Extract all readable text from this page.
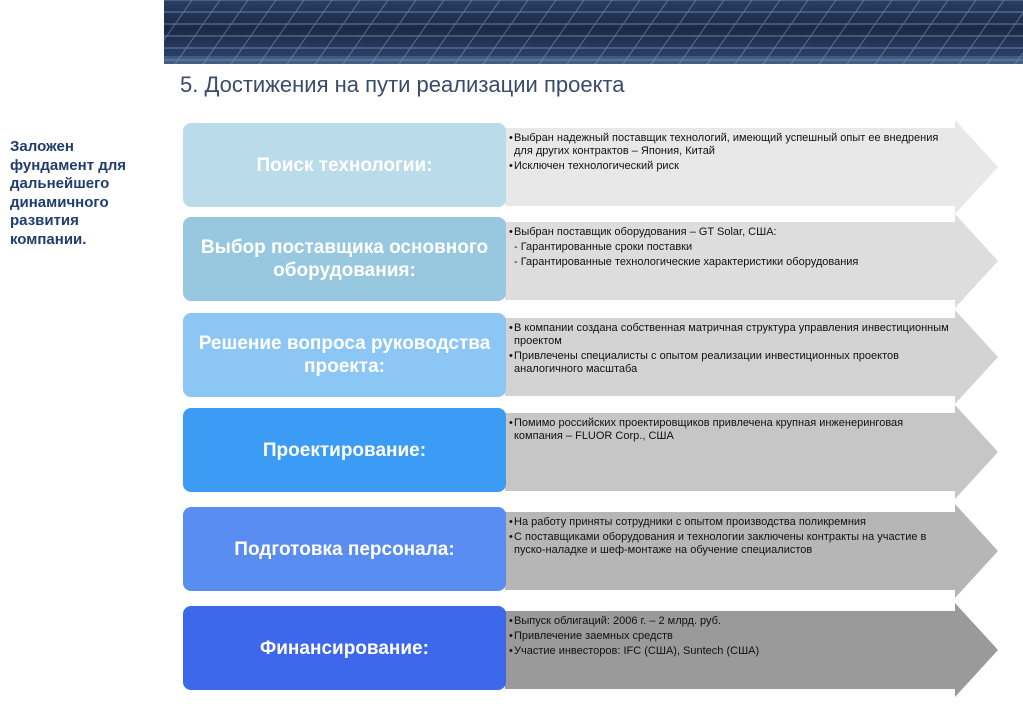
5. Достижения на пути реализации проекта
Заложен фундамент для дальнейшего динамичного развития компании.
Поиск технологии:
• Выбран надежный поставщик технологий, имеющий успешный опыт ее внедрения для других контрактов – Япония, Китай
• Исключен технологический риск
Выбор поставщика основного оборудования:
• Выбран поставщик оборудования – GT Solar, США:
- Гарантированные сроки поставки
- Гарантированные технологические характеристики оборудования
Решение вопроса руководства проекта:
• В компании создана собственная матричная структура управления инвестиционным проектом
• Привлечены специалисты с опытом реализации инвестиционных проектов аналогичного масштаба
Проектирование:
• Помимо российских проектировщиков привлечена крупная инженеринговая компания – FLUOR Corp., США
Подготовка персонала:
• На работу приняты сотрудники с опытом производства поликремния
• С поставщиками оборудования и технологии заключены контракты на участие в пуско-наладке и шеф-монтаже на обучение специалистов
Финансирование:
• Выпуск облигаций: 2006 г. – 2 млрд. руб.
• Привлечение заемных средств
• Участие инвесторов: IFC (США), Suntech (США)
